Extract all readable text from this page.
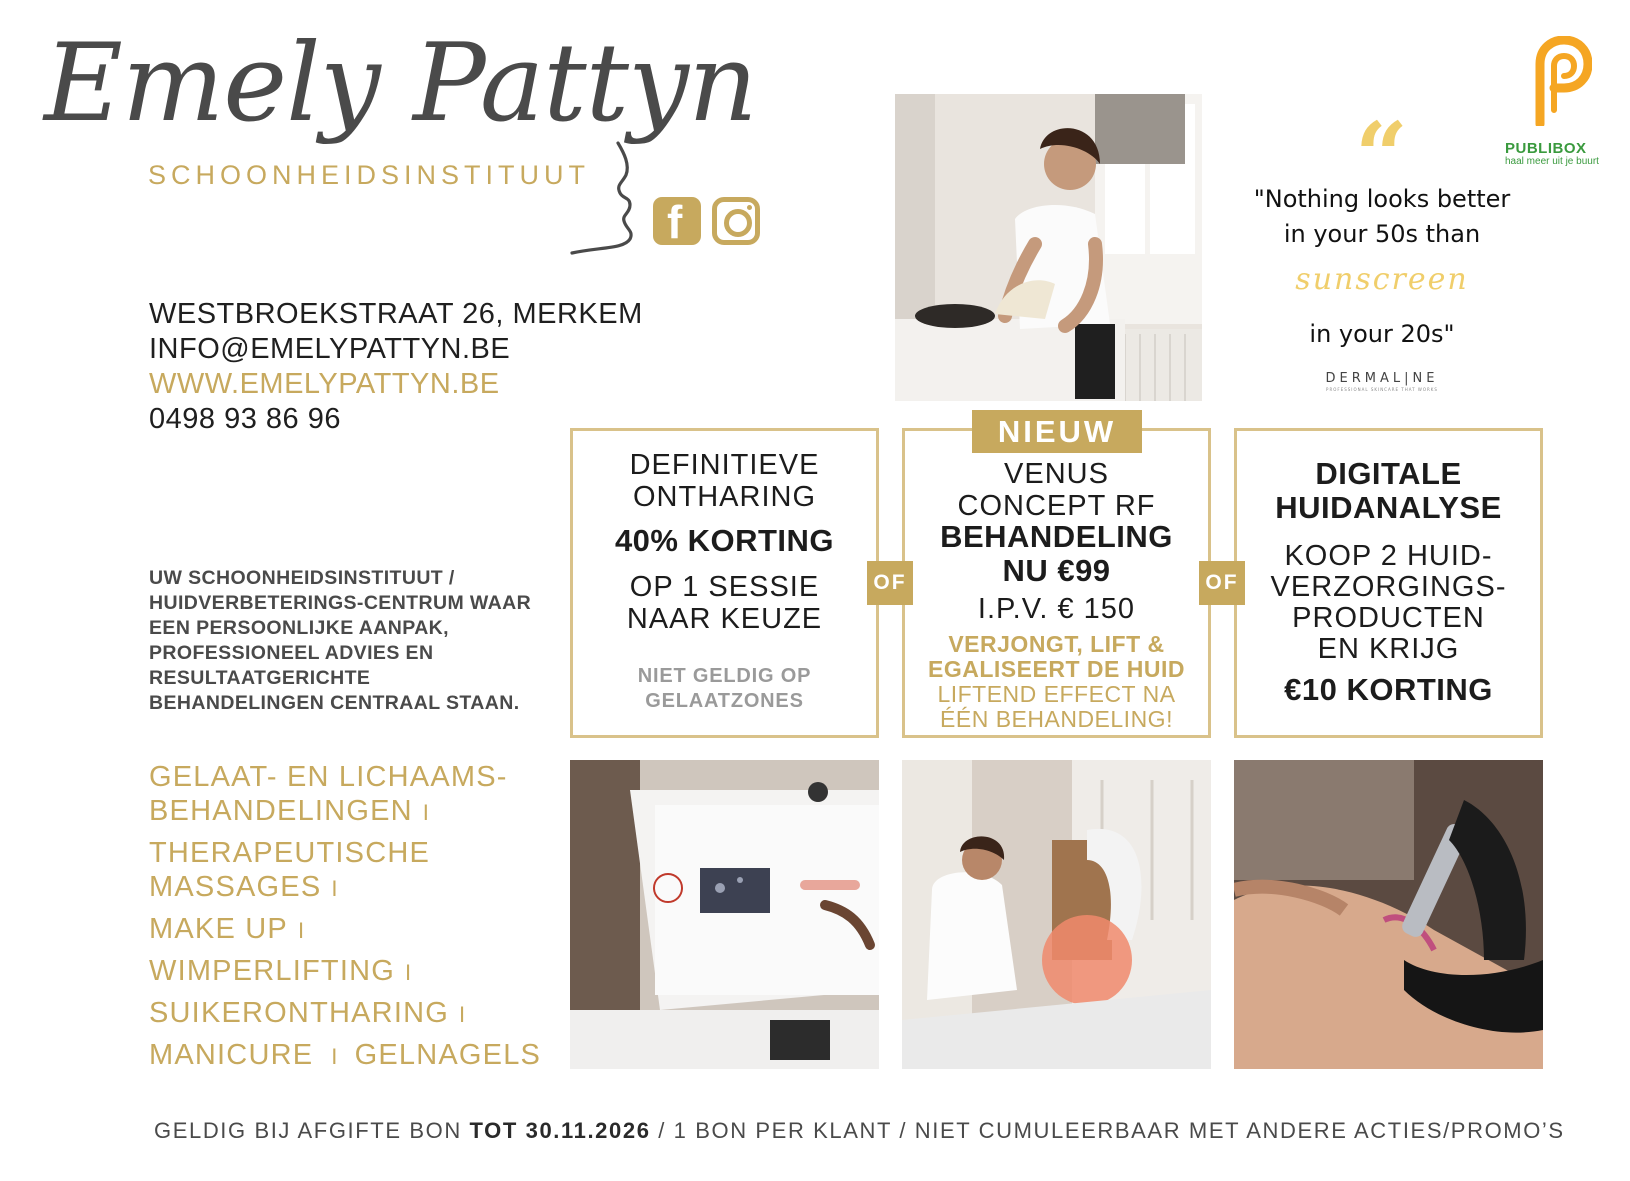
Emely Pattyn
SCHOONHEIDSINSTITUUT
f
WESTBROEKSTRAAT 26, MERKEM
INFO@EMELYPATTYN.BE
WWW.EMELYPATTYN.BE
0498 93 86 96
UW SCHOONHEIDSINSTITUUT / HUIDVERBETERINGS-CENTRUM WAAR EEN PERSOONLIJKE AANPAK, PROFESSIONEEL ADVIES EN RESULTAATGERICHTE BEHANDELINGEN CENTRAAL STAAN.
GELAAT- EN LICHAAMS-
BEHANDELINGEN I
THERAPEUTISCHE
MASSAGES I
MAKE UP I
WIMPERLIFTING I
SUIKERONTHARING I
MANICURE I GELNAGELS
“
"Nothing looks better
in your 50s than
sunscreen
in your 20s"
DERMAL|NE
PROFESSIONAL SKINCARE THAT WORKS
PUBLIBOX
haal meer uit je buurt
DEFINITIEVE
ONTHARING
40% KORTING
OP 1 SESSIE
NAAR KEUZE
NIET GELDIG OP
GELAATZONES
VENUS
CONCEPT RF
BEHANDELING
NU €99
I.P.V. € 150
VERJONGT, LIFT &
EGALISEERT DE HUID
LIFTEND EFFECT NA
ÉÉN BEHANDELING!
NIEUW
DIGITALE
HUIDANALYSE
KOOP 2 HUID-
VERZORGINGS-
PRODUCTEN
EN KRIJG
€10 KORTING
OF	OF
GELDIG BIJ AFGIFTE BON TOT 30.11.2026 / 1 BON PER KLANT / NIET CUMULEERBAAR MET ANDERE ACTIES/PROMO’S
